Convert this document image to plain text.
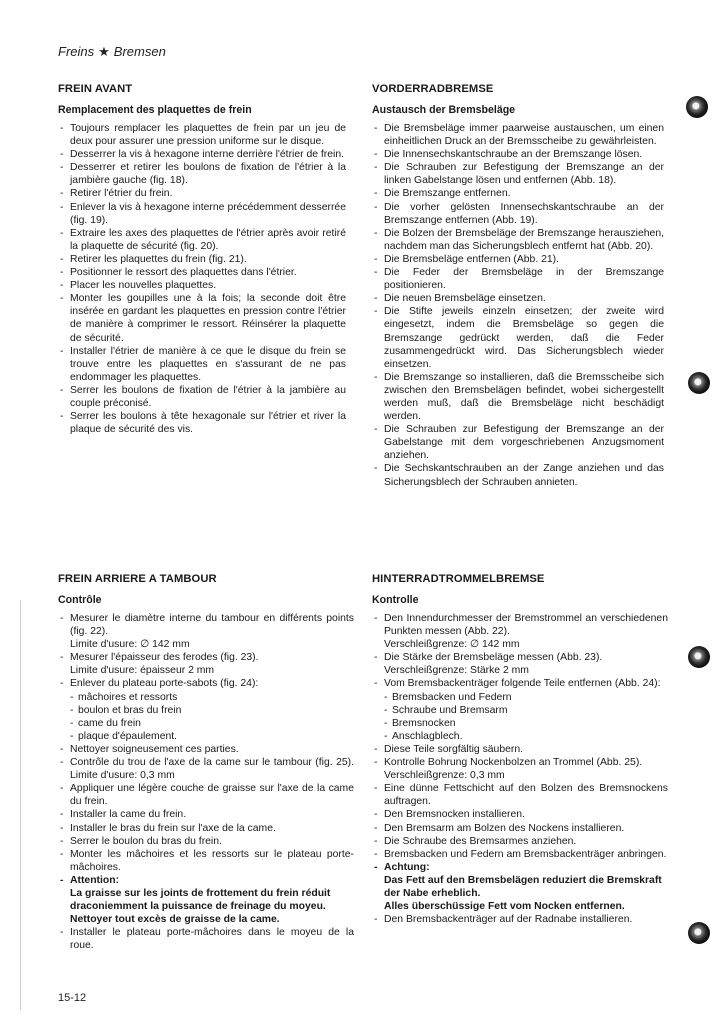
Freins ★ Bremsen
FREIN AVANT
Remplacement des plaquettes de frein
- Toujours remplacer les plaquettes de frein par un jeu de deux pour assurer une pression uniforme sur le disque.
- Desserrer la vis à hexagone interne derrière l'étrier de frein.
- Desserrer et retirer les boulons de fixation de l'étrier à la jambière gauche (fig. 18).
- Retirer l'étrier du frein.
- Enlever la vis à hexagone interne précédemment desserrée (fig. 19).
- Extraire les axes des plaquettes de l'étrier après avoir retiré la plaquette de sécurité (fig. 20).
- Retirer les plaquettes du frein (fig. 21).
- Positionner le ressort des plaquettes dans l'étrier.
- Placer les nouvelles plaquettes.
- Monter les goupilles une à la fois; la seconde doit être insérée en gardant les plaquettes en pression contre l'étrier de manière à comprimer le ressort. Réinsérer la plaquette de sécurité.
- Installer l'étrier de manière à ce que le disque du frein se trouve entre les plaquettes en s'assurant de ne pas endommager les plaquettes.
- Serrer les boulons de fixation de l'étrier à la jambière au couple préconisé.
- Serrer les boulons à tête hexagonale sur l'étrier et river la plaque de sécurité des vis.
VORDERRADBREMSE
Austausch der Bremsbeläge
- Die Bremsbeläge immer paarweise austauschen, um einen einheitlichen Druck an der Bremsscheibe zu gewährleisten.
- Die Innensechskantschraube an der Bremszange lösen.
- Die Schrauben zur Befestigung der Bremszange an der linken Gabelstange lösen und entfernen (Abb. 18).
- Die Bremszange entfernen.
- Die vorher gelösten Innensechskantschraube an der Bremszange entfernen (Abb. 19).
- Die Bolzen der Bremsbeläge der Bremszange herausziehen, nachdem man das Sicherungsblech entfernt hat (Abb. 20).
- Die Bremsbeläge entfernen (Abb. 21).
- Die Feder der Bremsbeläge in der Bremszange positionieren.
- Die neuen Bremsbeläge einsetzen.
- Die Stifte jeweils einzeln einsetzen; der zweite wird eingesetzt, indem die Bremsbeläge so gegen die Bremszange gedrückt werden, daß die Feder zusammengedrückt wird. Das Sicherungsblech wieder einsetzen.
- Die Bremszange so installieren, daß die Bremsscheibe sich zwischen den Bremsbelägen befindet, wobei sichergestellt werden muß, daß die Bremsbeläge nicht beschädigt werden.
- Die Schrauben zur Befestigung der Bremszange an der Gabelstange mit dem vorgeschriebenen Anzugsmoment anziehen.
- Die Sechskantschrauben an der Zange anziehen und das Sicherungsblech der Schrauben annieten.
FREIN ARRIERE A TAMBOUR
Contrôle
- Mesurer le diamètre interne du tambour en différents points (fig. 22).
Limite d'usure: ∅ 142 mm
- Mesurer l'épaisseur des ferodes (fig. 23).
Limite d'usure: épaisseur 2 mm
- Enlever du plateau porte-sabots (fig. 24):
- mâchoires et ressorts
- boulon et bras du frein
- came du frein
- plaque d'épaulement.
- Nettoyer soigneusement ces parties.
- Contrôle du trou de l'axe de la came sur le tambour (fig. 25). Limite d'usure: 0,3 mm
- Appliquer une légère couche de graisse sur l'axe de la came du frein.
- Installer la came du frein.
- Installer le bras du frein sur l'axe de la came.
- Serrer le boulon du bras du frein.
- Monter les mâchoires et les ressorts sur le plateau porte-mâchoires.
- Attention:
La graisse sur les joints de frottement du frein réduit draconiemment la puissance de freinage du moyeu.
Nettoyer tout excès de graisse de la came.
- Installer le plateau porte-mâchoires dans le moyeu de la roue.
HINTERRADTROMMELBREMSE
Kontrolle
- Den Innendurchmesser der Bremstrommel an verschiedenen Punkten messen (Abb. 22).
Verschleißgrenze: ∅ 142 mm
- Die Stärke der Bremsbeläge messen (Abb. 23).
Verschleißgrenze: Stärke 2 mm
- Vom Bremsbackenträger folgende Teile entfernen (Abb. 24):
- Bremsbacken und Federn
- Schraube und Bremsarm
- Bremsnocken
- Anschlagblech.
- Diese Teile sorgfältig säubern.
- Kontrolle Bohrung Nockenbolzen an Trommel (Abb. 25).
Verschleißgrenze: 0,3 mm
- Eine dünne Fettschicht auf den Bolzen des Bremsnockens auftragen.
- Den Bremsnocken installieren.
- Den Bremsarm am Bolzen des Nockens installieren.
- Die Schraube des Bremsarmes anziehen.
- Bremsbacken und Federn am Bremsbackenträger anbringen.
- Achtung:
Das Fett auf den Bremsbelägen reduziert die Bremskraft der Nabe erheblich.
Alles überschüssige Fett vom Nocken entfernen.
- Den Bremsbackenträger auf der Radnabe installieren.
15-12
